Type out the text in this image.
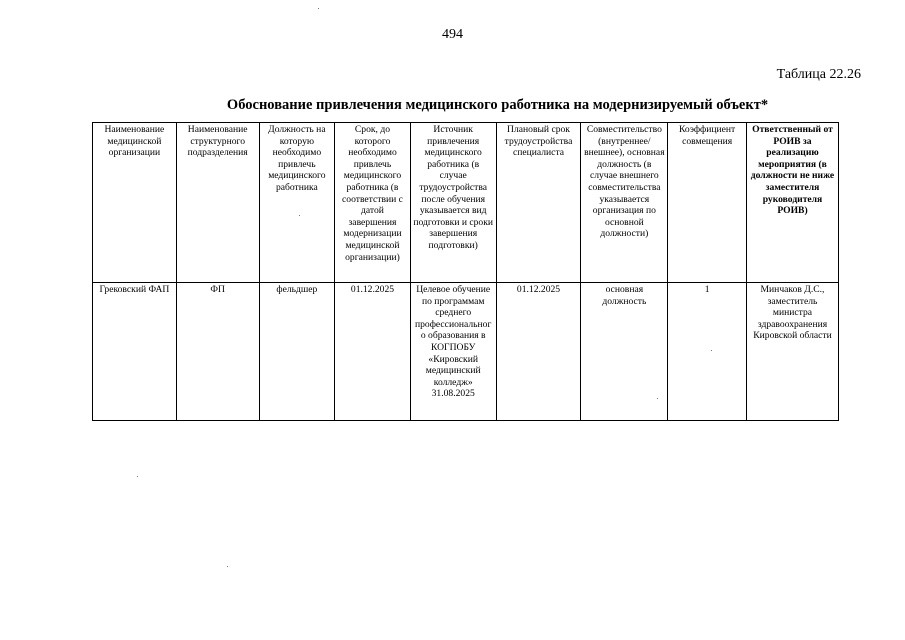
494
Таблица 22.26
Обоснование привлечения медицинского работника на модернизируемый объект*
Наименование медицинской организации	Наименование структурного подразделения	Должность на которую необходимо привлечь медицинского работника	Срок, до которого необходимо привлечь медицинского работника (в соответствии с датой завершения модернизации медицинской организации)	Источник привлечения медицинского работника (в случае трудоустройства после обучения указывается вид подготовки и сроки завершения подготовки)	Плановый срок трудоустройства специалиста	Совместительство (внутреннее/внешнее), основная должность (в случае внешнего совместительства указывается организация по основной должности)	Коэффициент совмещения	Ответственный от РОИВ за реализацию мероприятия (в должности не ниже заместителя руководителя РОИВ)
Грековский ФАП	ФП	фельдшер	01.12.2025	Целевое обучение по программам среднего профессионального образования в КОГПОБУ «Кировский медицинский колледж» 31.08.2025	01.12.2025	основная должность	1	Минчаков Д.С., заместитель министра здравоохранения Кировской области
